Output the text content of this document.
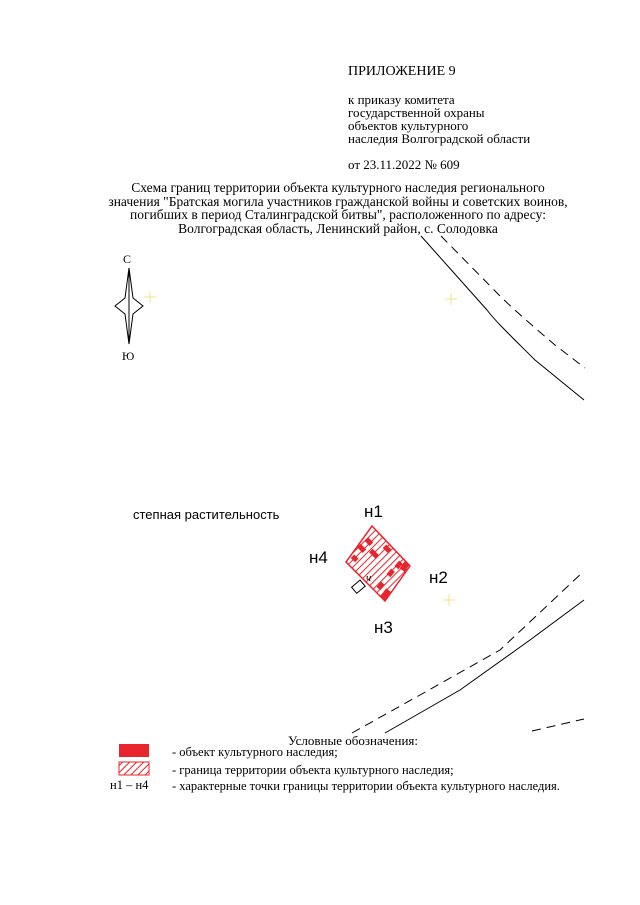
ПРИЛОЖЕНИЕ 9
к приказу комитета
государственной охраны
объектов культурного
наследия Волгоградской области
от 23.11.2022 № 609
Схема границ территории объекта культурного наследия регионального
значения "Братская могила участников гражданской войны и советских воинов,
погибших в период Сталинградской битвы", расположенного по адресу:
Волгоградская область, Ленинский район, с. Солодовка
С
Ю
ч
н1
н2
н3
н4
степная растительность
Условные обозначения:
- объект культурного наследия;
- граница территории объекта культурного наследия;
н1 – н4 - характерные точки границы территории объекта культурного наследия.
